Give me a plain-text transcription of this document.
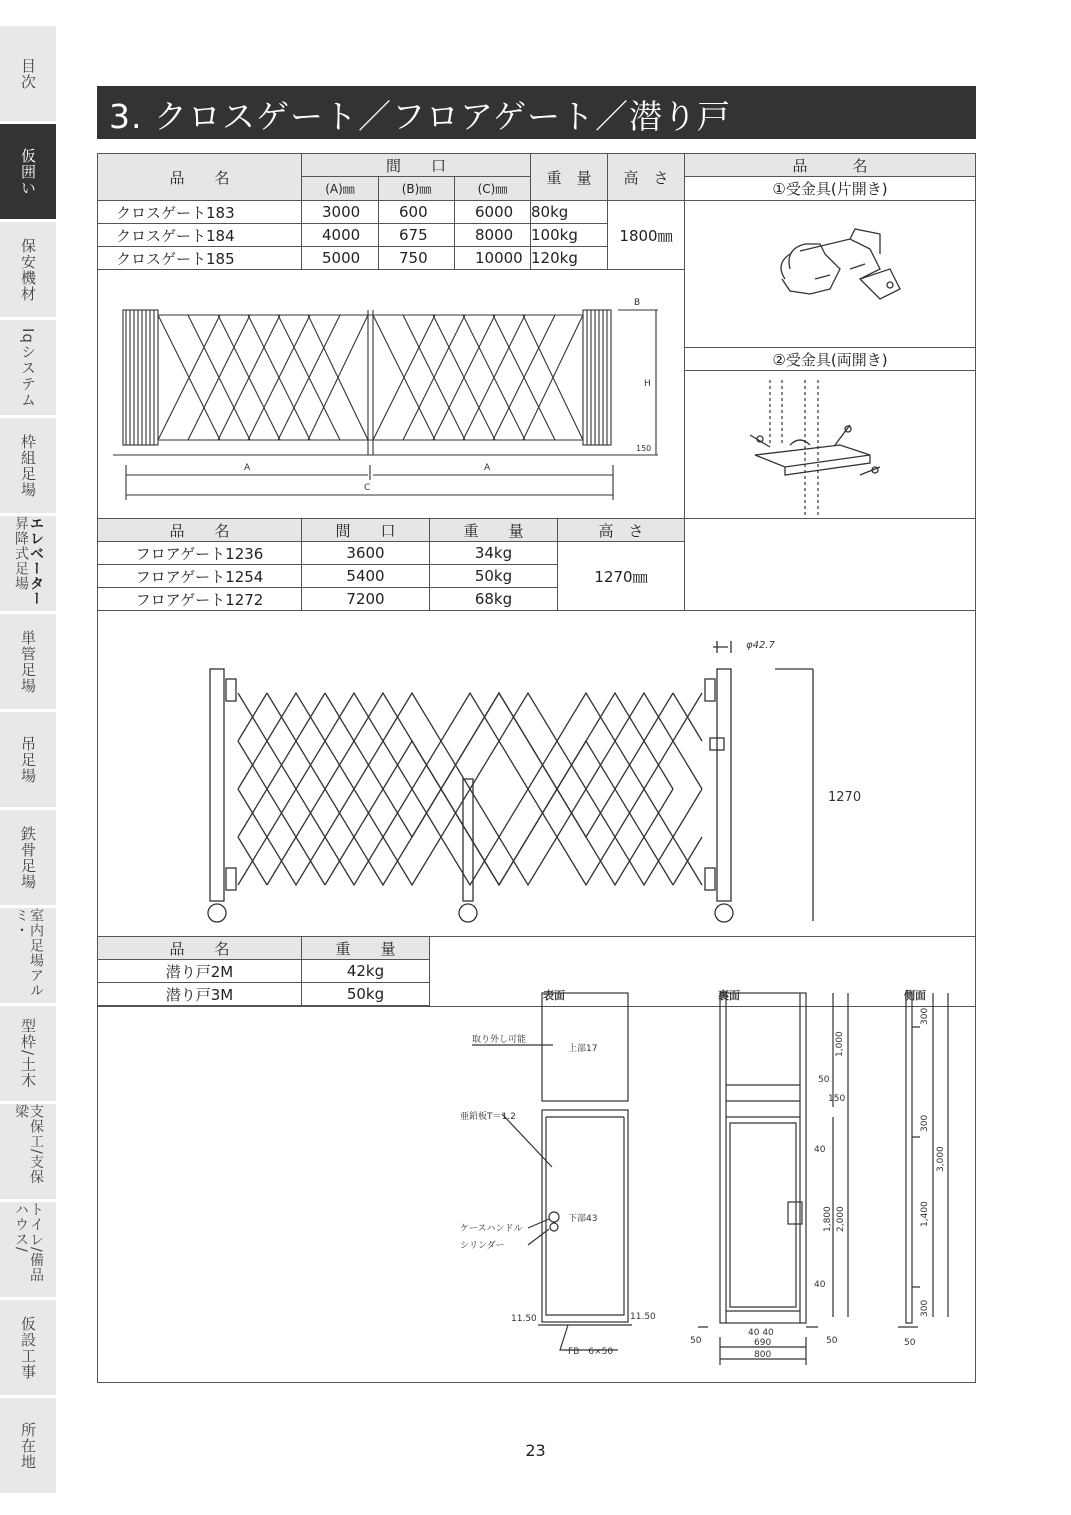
目次
仮囲い
保安機材
Iqシステム
枠組足場
エレベーター昇降式足場
単管足場
吊足場
鉄骨足場
室内足場アルミ・
型枠/土木
支保工/支保梁
トイレ/備品ハウス/
仮設工事
所在地
3. クロスゲート／フロアゲート／潜り戸
品　　名
間　　口
(A)㎜	(B)㎜	(C)㎜
重　量	高　さ
クロスゲート183	3000	600	6000	80kg
クロスゲート184	4000	675	8000	100kg
クロスゲート185	5000	750	10000 120kg
1800㎜
品　　　名
①受金具(片開き)
②受金具(両開き)
A	A
C
B
H
150
品　　名	間　　口	重　　量	高　さ
フロアゲート1236	3600	34kg
フロアゲート1254	5400	50kg
フロアゲート1272	7200	68kg
1270㎜
φ42.7
1270
品　　名	重　　量
潜り戸2M	42kg
潜り戸3M	50kg	表面	裏面	側面
取り外し可能
上部17
亜鉛板T＝1.2
ケースハンドル
シリンダー
下部43
11.50	11.50
FB　6×50
1,000
50
150
40
1,800 2,000
40
50
40 40
50
690
800
300
300
3,000
1,400
300
50
23
